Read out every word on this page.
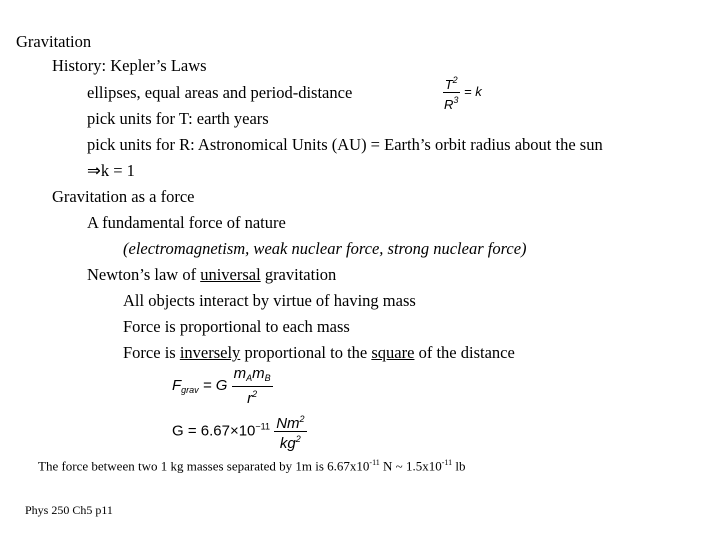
Gravitation
History: Kepler’s Laws
ellipses, equal areas and period-distance	$\frac{T^2}{R^3} = k$
pick units for T: earth years
pick units for R: Astronomical Units (AU) = Earth’s orbit radius about the sun
⇒k = 1
Gravitation as a force
A fundamental force of nature
(electromagnetism, weak nuclear force, strong nuclear force)
Newton’s law of universal gravitation
All objects interact by virtue of having mass
Force is proportional to each mass
Force is inversely proportional to the square of the distance
$F_{grav} = G \frac{m_Am_B}{r^2}$
$G = 6.67\times 10^{-11} \frac{Nm^2}{kg^2}$
The force between two 1 kg masses separated by 1m is $6.67x10^{-11}$ N ~ $1.5x10^{-11}$ lb
Phys 250 Ch5 p11
